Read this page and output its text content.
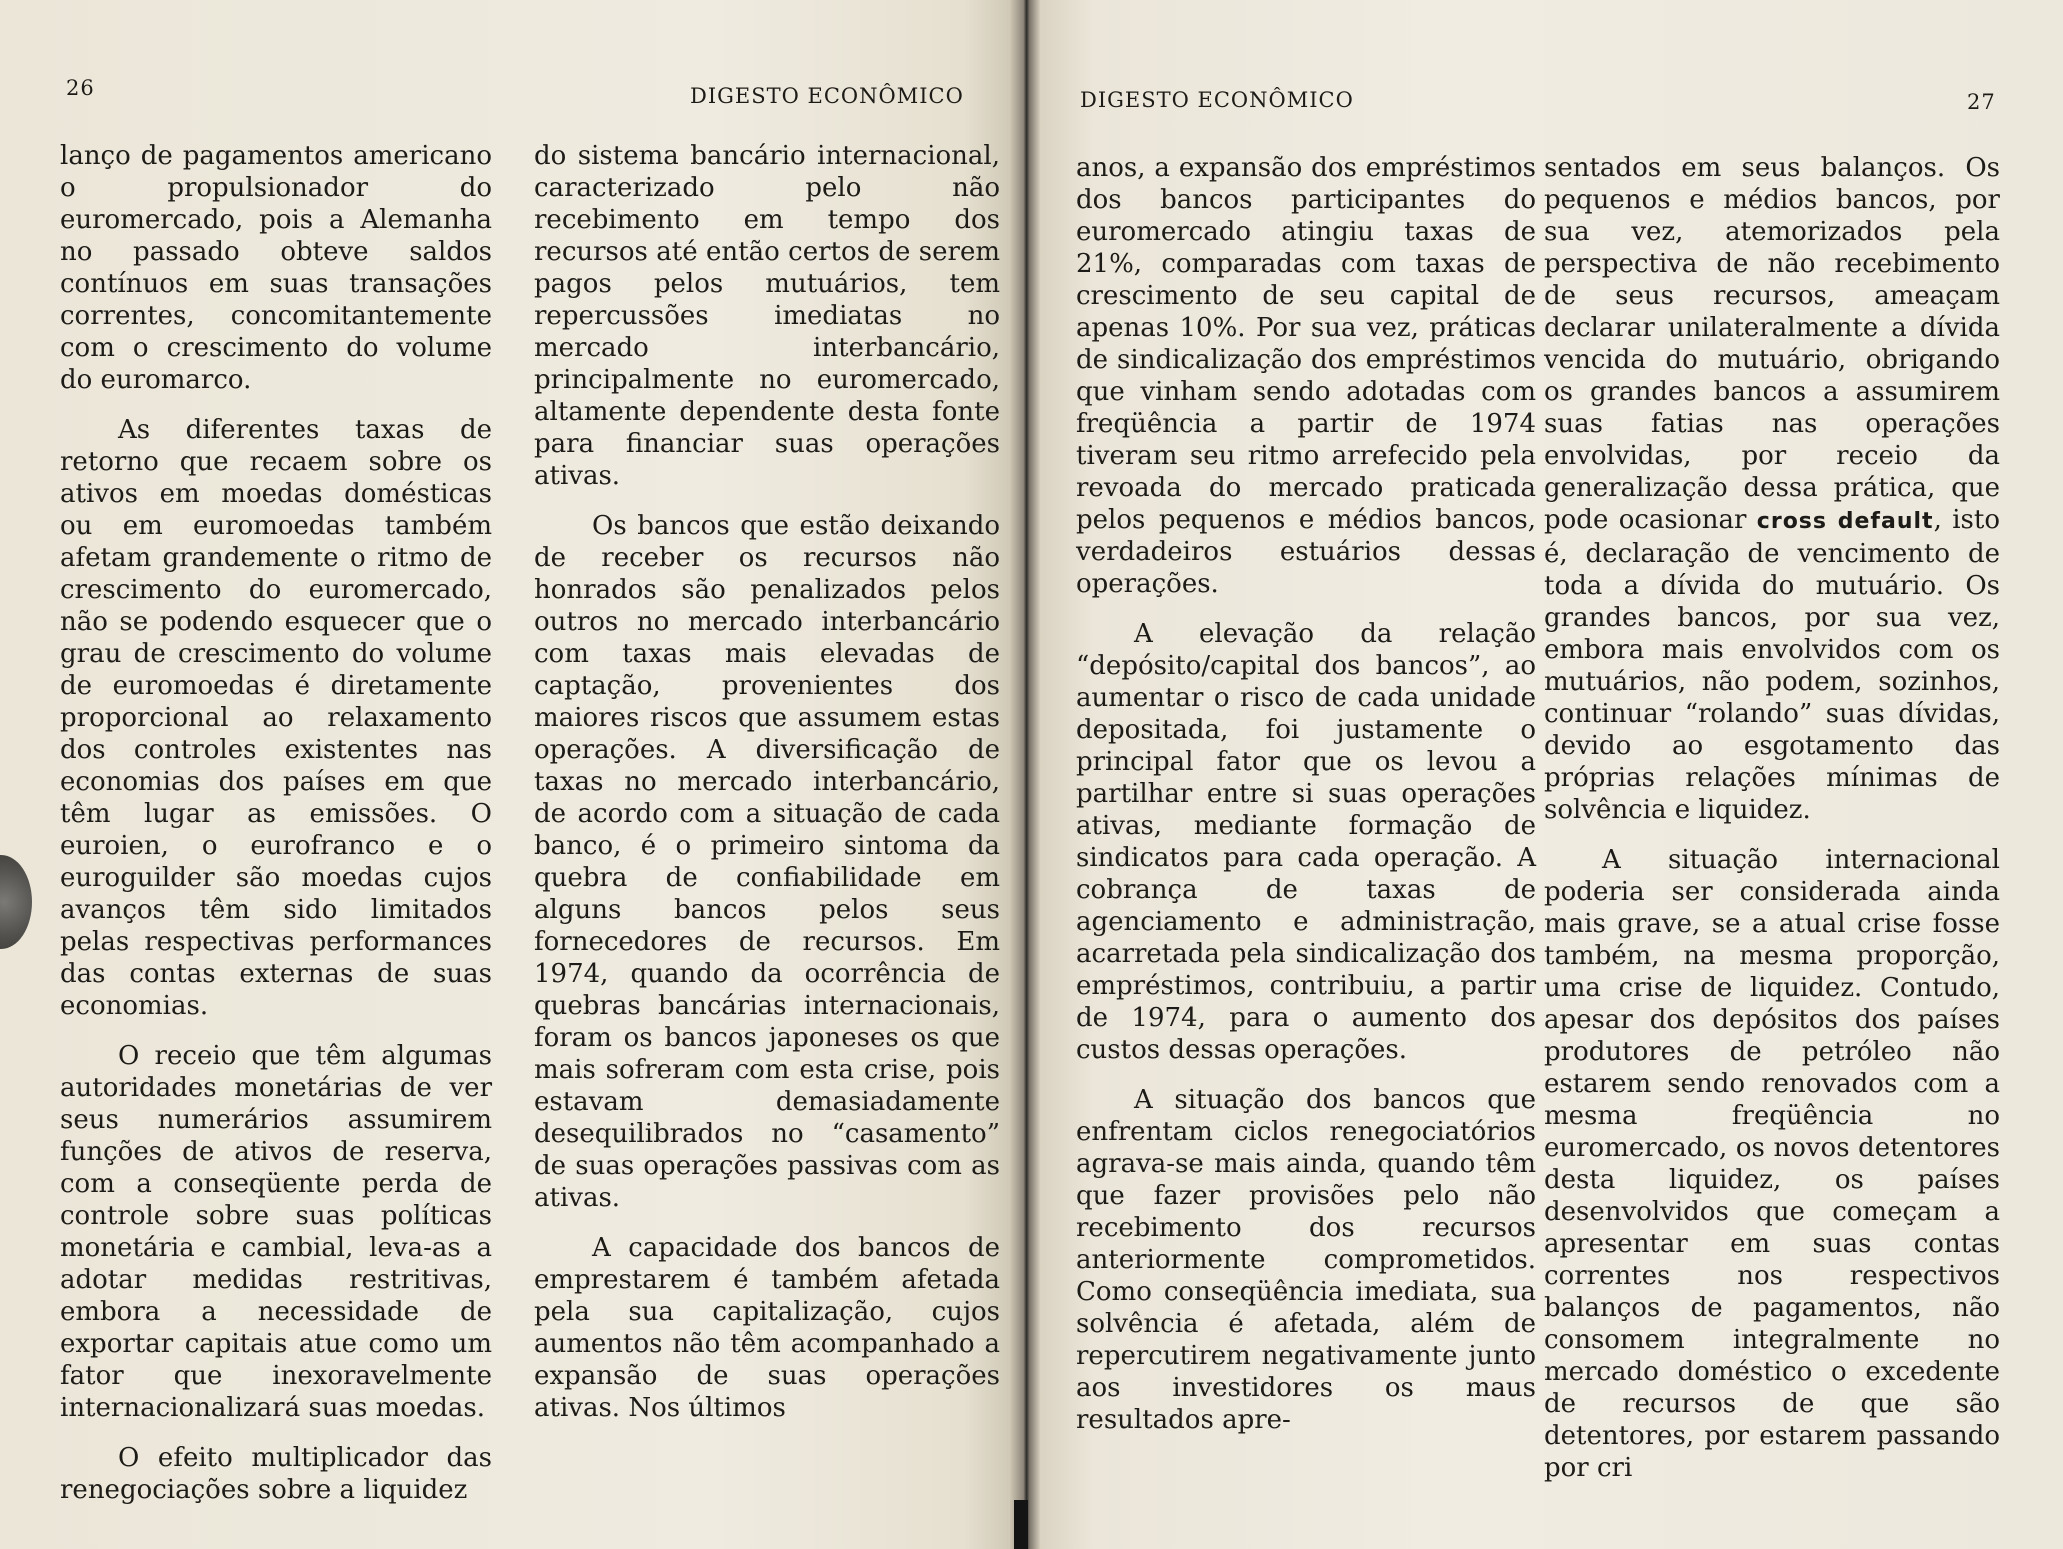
26	DIGESTO ECONÔMICO

lanço de pagamentos americano o propulsionador do euromercado, pois a Alemanha no passado obteve saldos contínuos em suas transações correntes, concomitantemente com o crescimento do volume do euromarco.

As diferentes taxas de retorno que recaem sobre os ativos em moedas domésticas ou em euromoedas também afetam grandemente o ritmo de crescimento do euromercado, não se podendo esquecer que o grau de crescimento do volume de euromoedas é diretamente proporcional ao relaxamento dos controles existentes nas economias dos países em que têm lugar as emissões. O euroien, o eurofranco e o euroguilder são moedas cujos avanços têm sido limitados pelas respectivas performances das contas externas de suas economias.

O receio que têm algumas autoridades monetárias de ver seus numerários assumirem funções de ativos de reserva, com a conseqüente perda de controle sobre suas políticas monetária e cambial, leva-as a adotar medidas restritivas, embora a necessidade de exportar capitais atue como um fator que inexoravelmente internacionalizará suas moedas.

O efeito multiplicador das renegociações sobre a liquidez

do sistema bancário internacional, caracterizado pelo não recebimento em tempo dos recursos até então certos de serem pagos pelos mutuários, tem repercussões imediatas no mercado interbancário, principalmente no euromercado, altamente dependente desta fonte para financiar suas operações ativas.

Os bancos que estão deixando de receber os recursos não honrados são penalizados pelos outros no mercado interbancário com taxas mais elevadas de captação, provenientes dos maiores riscos que assumem estas operações. A diversificação de taxas no mercado interbancário, de acordo com a situação de cada banco, é o primeiro sintoma da quebra de confiabilidade em alguns bancos pelos seus fornecedores de recursos. Em 1974, quando da ocorrência de quebras bancárias internacionais, foram os bancos japoneses os que mais sofreram com esta crise, pois estavam demasiadamente desequilibrados no “casamento” de suas operações passivas com as ativas.

A capacidade dos bancos de emprestarem é também afetada pela sua capitalização, cujos aumentos não têm acompanhado a expansão de suas operações ativas. Nos últimos

DIGESTO ECONÔMICO	27

anos, a expansão dos empréstimos dos bancos participantes do euromercado atingiu taxas de 21%, comparadas com taxas de crescimento de seu capital de apenas 10%. Por sua vez, práticas de sindicalização dos empréstimos que vinham sendo adotadas com freqüência a partir de 1974 tiveram seu ritmo arrefecido pela revoada do mercado praticada pelos pequenos e médios bancos, verdadeiros estuários dessas operações.

A elevação da relação “depósito/capital dos bancos”, ao aumentar o risco de cada unidade depositada, foi justamente o principal fator que os levou a partilhar entre si suas operações ativas, mediante formação de sindicatos para cada operação. A cobrança de taxas de agenciamento e administração, acarretada pela sindicalização dos empréstimos, contribuiu, a partir de 1974, para o aumento dos custos dessas operações.

A situação dos bancos que enfrentam ciclos renegociatórios agrava-se mais ainda, quando têm que fazer provisões pelo não recebimento dos recursos anteriormente comprometidos. Como conseqüência imediata, sua solvência é afetada, além de repercutirem negativamente junto aos investidores os maus resultados apre-

sentados em seus balanços. Os pequenos e médios bancos, por sua vez, atemorizados pela perspectiva de não recebimento de seus recursos, ameaçam declarar unilateralmente a dívida vencida do mutuário, obrigando os grandes bancos a assumirem suas fatias nas operações envolvidas, por receio da generalização dessa prática, que pode ocasionar cross default, isto é, declaração de vencimento de toda a dívida do mutuário. Os grandes bancos, por sua vez, embora mais envolvidos com os mutuários, não podem, sozinhos, continuar “rolando” suas dívidas, devido ao esgotamento das próprias relações mínimas de solvência e liquidez.

A situação internacional poderia ser considerada ainda mais grave, se a atual crise fosse também, na mesma proporção, uma crise de liquidez. Contudo, apesar dos depósitos dos países produtores de petróleo não estarem sendo renovados com a mesma freqüência no euromercado, os novos detentores desta liquidez, os países desenvolvidos que começam a apresentar em suas contas correntes nos respectivos balanços de pagamentos, não consomem integralmente no mercado doméstico o excedente de recursos de que são detentores, por estarem passando por cri
